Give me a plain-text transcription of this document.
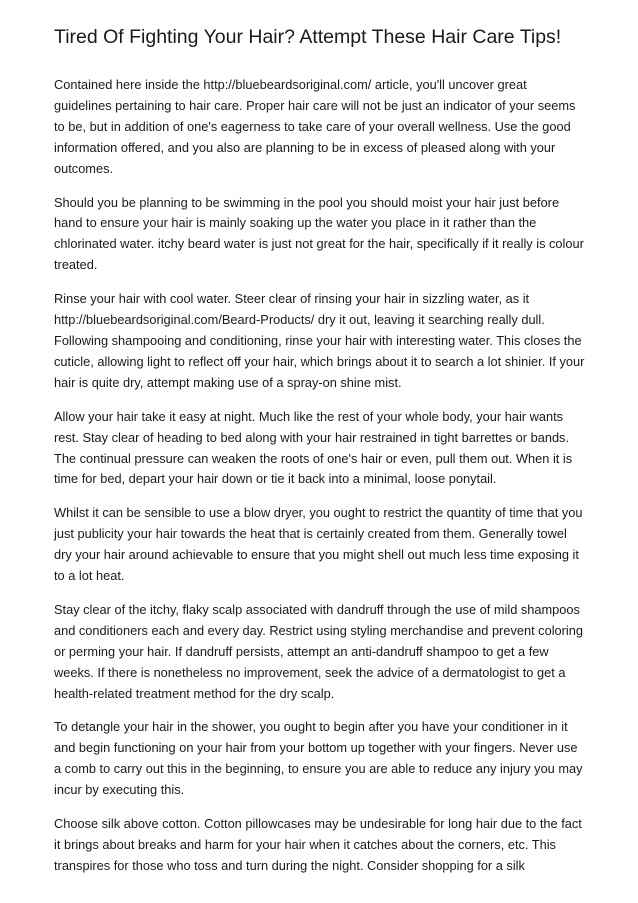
Tired Of Fighting Your Hair? Attempt These Hair Care Tips!

Contained here inside the http://bluebeardsoriginal.com/ article, you'll uncover great guidelines pertaining to hair care. Proper hair care will not be just an indicator of your seems to be, but in addition of one's eagerness to take care of your overall wellness. Use the good information offered, and you also are planning to be in excess of pleased along with your outcomes.

Should you be planning to be swimming in the pool you should moist your hair just before hand to ensure your hair is mainly soaking up the water you place in it rather than the chlorinated water. itchy beard water is just not great for the hair, specifically if it really is colour treated.

Rinse your hair with cool water. Steer clear of rinsing your hair in sizzling water, as it http://bluebeardsoriginal.com/Beard-Products/ dry it out, leaving it searching really dull. Following shampooing and conditioning, rinse your hair with interesting water. This closes the cuticle, allowing light to reflect off your hair, which brings about it to search a lot shinier. If your hair is quite dry, attempt making use of a spray-on shine mist.

Allow your hair take it easy at night. Much like the rest of your whole body, your hair wants rest. Stay clear of heading to bed along with your hair restrained in tight barrettes or bands. The continual pressure can weaken the roots of one's hair or even, pull them out. When it is time for bed, depart your hair down or tie it back into a minimal, loose ponytail.

Whilst it can be sensible to use a blow dryer, you ought to restrict the quantity of time that you just publicity your hair towards the heat that is certainly created from them. Generally towel dry your hair around achievable to ensure that you might shell out much less time exposing it to a lot heat.

Stay clear of the itchy, flaky scalp associated with dandruff through the use of mild shampoos and conditioners each and every day. Restrict using styling merchandise and prevent coloring or perming your hair. If dandruff persists, attempt an anti-dandruff shampoo to get a few weeks. If there is nonetheless no improvement, seek the advice of a dermatologist to get a health-related treatment method for the dry scalp.

To detangle your hair in the shower, you ought to begin after you have your conditioner in it and begin functioning on your hair from your bottom up together with your fingers. Never use a comb to carry out this in the beginning, to ensure you are able to reduce any injury you may incur by executing this.

Choose silk above cotton. Cotton pillowcases may be undesirable for long hair due to the fact it brings about breaks and harm for your hair when it catches about the corners, etc. This transpires for those who toss and turn during the night. Consider shopping for a silk
